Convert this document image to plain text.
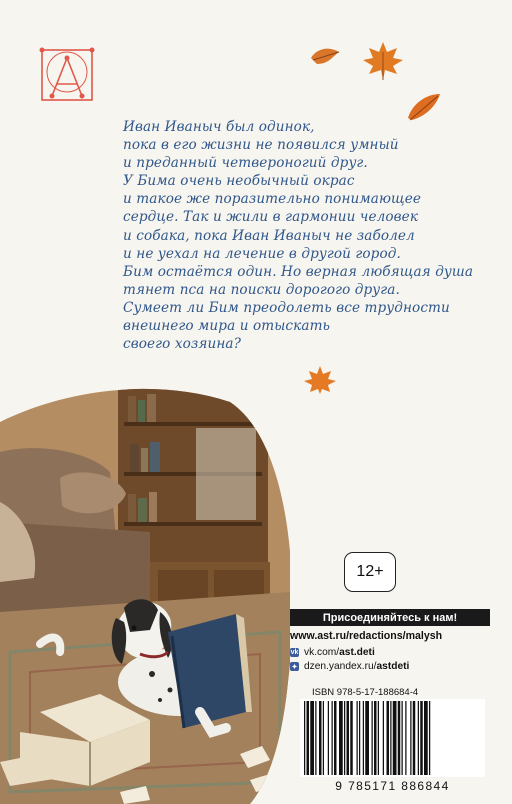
Иван Иваныч был одинок,
пока в его жизни не появился умный
и преданный четвероногий друг.
У Бима очень необычный окрас
и такое же поразительно понимающее
сердце. Так и жили в гармонии человек
и собака, пока Иван Иваныч не заболел
и не уехал на лечение в другой город.
Бим остаётся один. Но верная любящая душа
тянет пса на поиски дорогого друга.
Сумеет ли Бим преодолеть все трудности
внешнего мира и отыскать
своего хозяина?
12+
Присоединяйтесь к нам!
www.ast.ru/redactions/malysh
vk vk.com/ ast.deti
✦ dzen.yandex.ru/ astdeti
ISBN 978-5-17-188684-4
9 785171 886844
